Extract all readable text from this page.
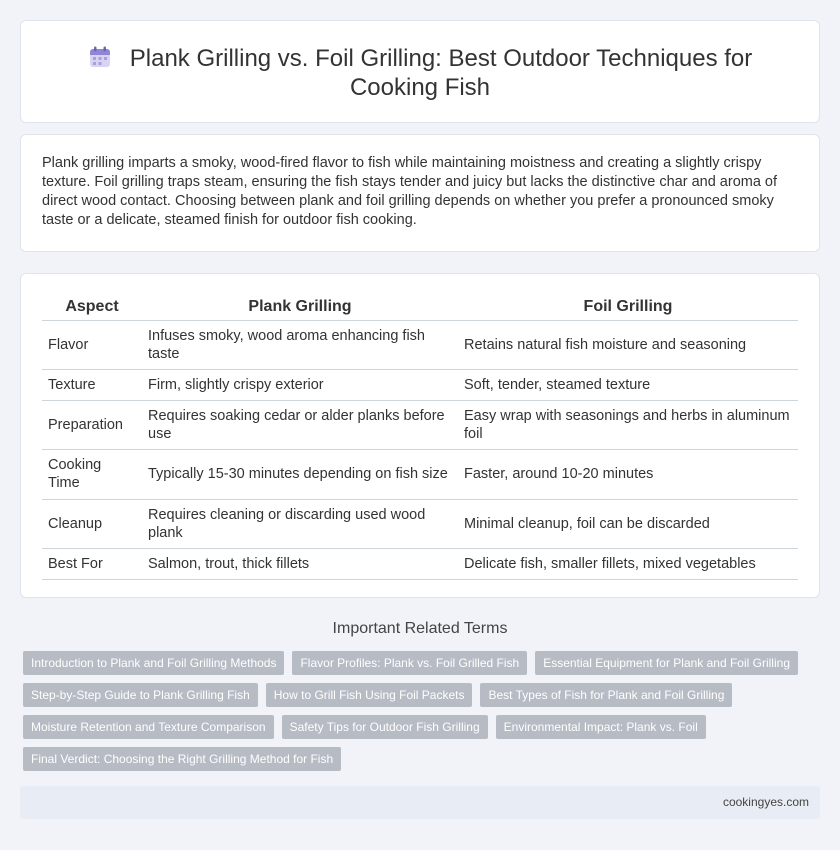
Plank Grilling vs. Foil Grilling: Best Outdoor Techniques for
Cooking Fish

Plank grilling imparts a smoky, wood-fired flavor to fish while maintaining moistness and creating a slightly crispy texture. Foil grilling traps steam, ensuring the fish stays tender and juicy but lacks the distinctive char and aroma of direct wood contact. Choosing between plank and foil grilling depends on whether you prefer a pronounced smoky taste or a delicate, steamed finish for outdoor fish cooking.

Aspect	Plank Grilling	Foil Grilling
Flavor	Infuses smoky, wood aroma enhancing fish taste	Retains natural fish moisture and seasoning
Texture	Firm, slightly crispy exterior	Soft, tender, steamed texture
Preparation	Requires soaking cedar or alder planks before use	Easy wrap with seasonings and herbs in aluminum foil
Cooking Time	Typically 15-30 minutes depending on fish size	Faster, around 10-20 minutes
Cleanup	Requires cleaning or discarding used wood plank	Minimal cleanup, foil can be discarded
Best For	Salmon, trout, thick fillets	Delicate fish, smaller fillets, mixed vegetables
Important Related Terms
Introduction to Plank and Foil Grilling Methods	Flavor Profiles: Plank vs. Foil Grilled Fish	Essential Equipment for Plank and Foil Grilling
Step-by-Step Guide to Plank Grilling Fish	How to Grill Fish Using Foil Packets	Best Types of Fish for Plank and Foil Grilling
Moisture Retention and Texture Comparison	Safety Tips for Outdoor Fish Grilling	Environmental Impact: Plank vs. Foil
Final Verdict: Choosing the Right Grilling Method for Fish
cookingyes.com
